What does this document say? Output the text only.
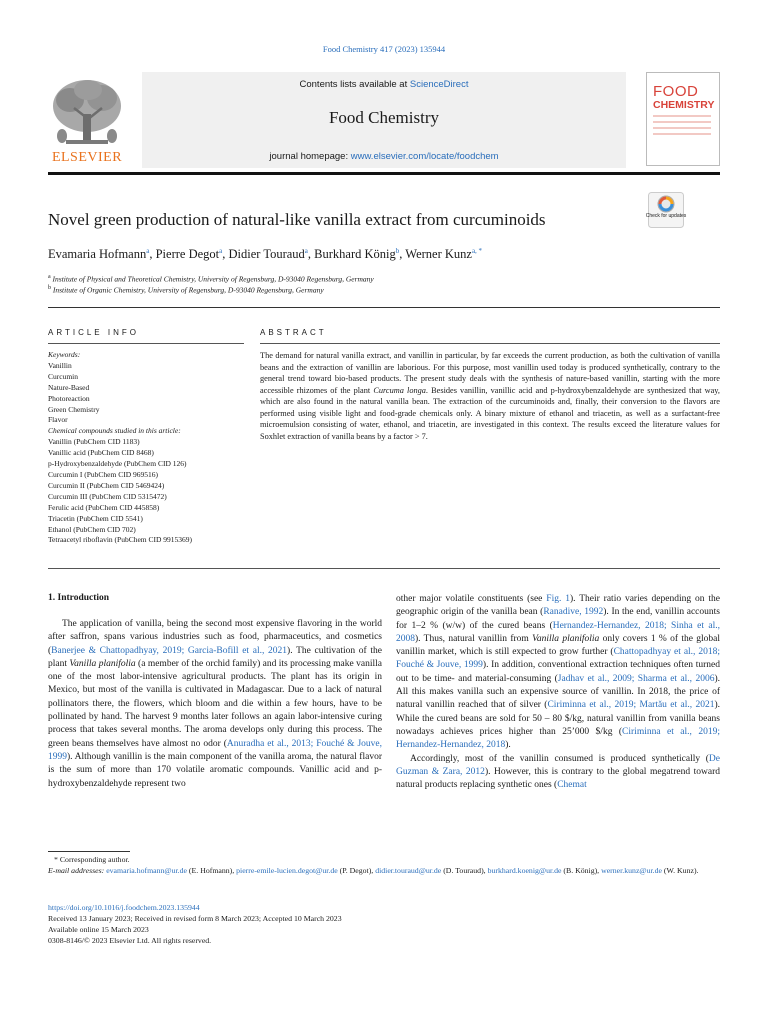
Food Chemistry 417 (2023) 135944
ELSEVIER
Contents lists available at ScienceDirect
Food Chemistry
journal homepage: www.elsevier.com/locate/foodchem
FOOD
CHEMISTRY
Novel green production of natural-like vanilla extract from curcuminoids	Check for updates
Evamaria Hofmann$^a$, Pierre Degot$^a$, Didier Touraud$^a$, Burkhard König$^b$, Werner Kunz$^{a, *}$
$^a$ Institute of Physical and Theoretical Chemistry, University of Regensburg, D-93040 Regensburg, Germany
$^b$ Institute of Organic Chemistry, University of Regensburg, D-93040 Regensburg, Germany
ARTICLE INFO	ABSTRACT
Keywords:
Vanillin
Curcumin
Nature-Based
Photoreaction
Green Chemistry
Flavor
Chemical compounds studied in this article:
Vanillin (PubChem CID 1183)
Vanillic acid (PubChem CID 8468)
p-Hydroxybenzaldehyde (PubChem CID 126)
Curcumin I (PubChem CID 969516)
Curcumin II (PubChem CID 5469424)
Curcumin III (PubChem CID 5315472)
Ferulic acid (PubChem CID 445858)
Triacetin (PubChem CID 5541)
Ethanol (PubChem CID 702)
Tetraacetyl riboflavin (PubChem CID 9915369)
The demand for natural vanilla extract, and vanillin in particular, by far exceeds the current production, as both the cultivation of vanilla beans and the extraction of vanillin are laborious. For this purpose, most vanillin used today is produced synthetically, contrary to the general trend toward bio-based products. The present study deals with the synthesis of nature-based vanillin, starting with the more accessible rhizomes of the plant Curcuma longa. Besides vanillin, vanillic acid and p-hydroxybenzaldehyde are synthesized that way, which are also found in the natural vanilla bean. The extraction of the curcuminoids and, finally, their conversion to the flavors are performed using visible light and food-grade chemicals only. A binary mixture of ethanol and triacetin, as well as a surfactant-free microemulsion consisting of water, ethanol, and triacetin, are investigated in this context. The results exceed the literature values for Soxhlet extraction of vanilla beans by a factor > 7.
1. Introduction

The application of vanilla, being the second most expensive flavoring in the world after saffron, spans various industries such as food, pharmaceutics, and cosmetics (Banerjee & Chattopadhyay, 2019; Garcia-Bofill et al., 2021). The cultivation of the plant Vanilla planifolia (a member of the orchid family) and its processing make vanilla one of the most labor-intensive agricultural products. The plant has its origin in Mexico, but most of the vanilla is cultivated in Madagascar. Due to a lack of natural pollinators there, the flowers, which bloom and die within a few hours, have to be pollinated by hand. The harvest 9 months later follows an again labor-intensive curing process that takes several months. The aroma develops only during this process. The green beans themselves have almost no odor (Anuradha et al., 2013; Fouché & Jouve, 1999). Although vanillin is the main component of the vanilla aroma, the natural flavor is the sum of more than 170 volatile aromatic compounds. Vanillic acid and p-hydroxybenzaldehyde represent two

other major volatile constituents (see Fig. 1). Their ratio varies depending on the geographic origin of the vanilla bean (Ranadive, 1992). In the end, vanillin accounts for 1–2 % (w/w) of the cured beans (Hernandez-Hernandez, 2018; Sinha et al., 2008). Thus, natural vanillin from Vanilla planifolia only covers 1 % of the global vanillin market, which is still expected to grow further (Chattopadhyay et al., 2018; Fouché & Jouve, 1999). In addition, conventional extraction techniques often turned out to be time- and material-consuming (Jadhav et al., 2009; Sharma et al., 2006). All this makes vanilla such an expensive source of vanillin. In 2018, the price of natural vanillin reached that of silver (Ciriminna et al., 2019; Martău et al., 2021). While the cured beans are sold for 50 – 80 $/kg, natural vanillin from vanilla beans nowadays achieves prices higher than 25’000 $/kg (Ciriminna et al., 2019; Hernandez-Hernandez, 2018).

Accordingly, most of the vanillin consumed is produced synthetically (De Guzman & Zara, 2012). However, this is contrary to the global megatrend toward natural products replacing synthetic ones (Chemat

* Corresponding author.
E-mail addresses: evamaria.hofmann@ur.de (E. Hofmann), pierre-emile-lucien.degot@ur.de (P. Degot), didier.touraud@ur.de (D. Touraud), burkhard.koenig@ur.de (B. König), werner.kunz@ur.de (W. Kunz).
https://doi.org/10.1016/j.foodchem.2023.135944
Received 13 January 2023; Received in revised form 8 March 2023; Accepted 10 March 2023
Available online 15 March 2023
0308-8146/© 2023 Elsevier Ltd. All rights reserved.
